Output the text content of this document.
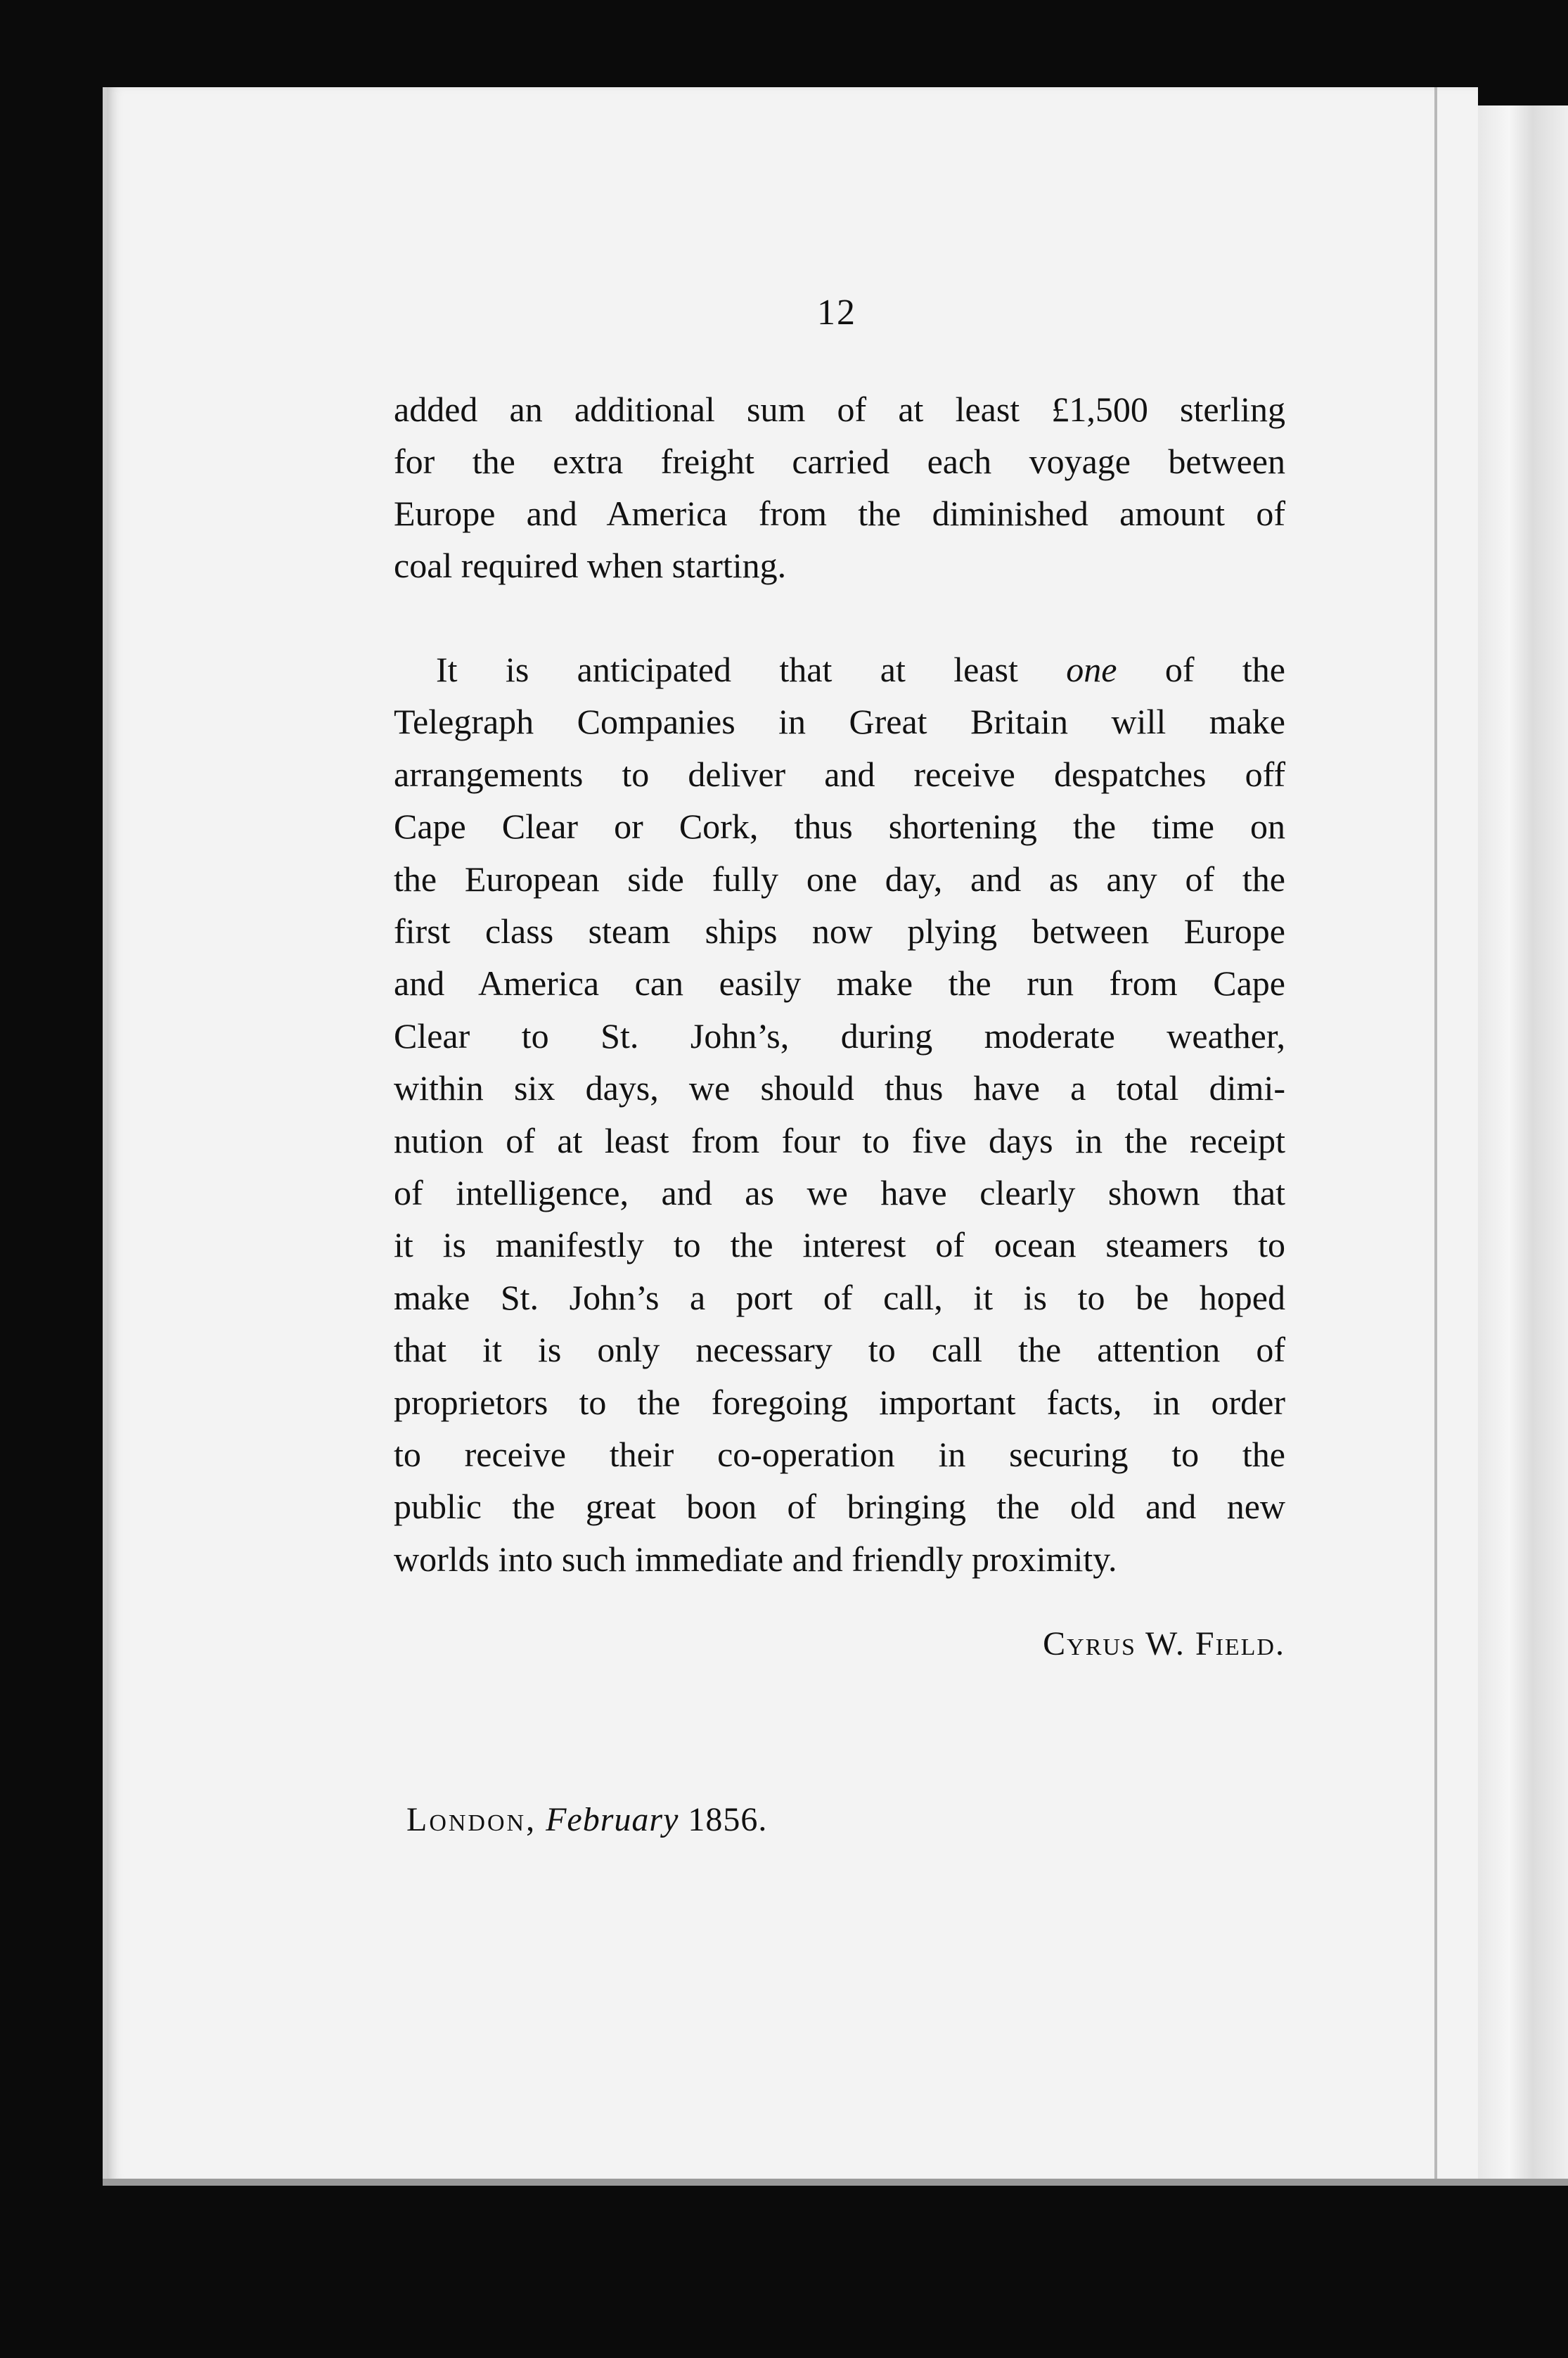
12
added an additional sum of at least £1,500 sterling
for the extra freight carried each voyage between
Europe and America from the diminished amount of
coal required when starting.
It is anticipated that at least one of the
Telegraph Companies in Great Britain will make
arrangements to deliver and receive despatches off
Cape Clear or Cork, thus shortening the time on
the European side fully one day, and as any of the
first class steam ships now plying between Europe
and America can easily make the run from Cape
Clear to St. John’s, during moderate weather,
within six days, we should thus have a total dimi-
nution of at least from four to five days in the receipt
of intelligence, and as we have clearly shown that
it is manifestly to the interest of ocean steamers to
make St. John’s a port of call, it is to be hoped
that it is only necessary to call the attention of
proprietors to the foregoing important facts, in order
to receive their co-operation in securing to the
public the great boon of bringing the old and new
worlds into such immediate and friendly proximity.
Cyrus W. Field.
London, February 1856.
